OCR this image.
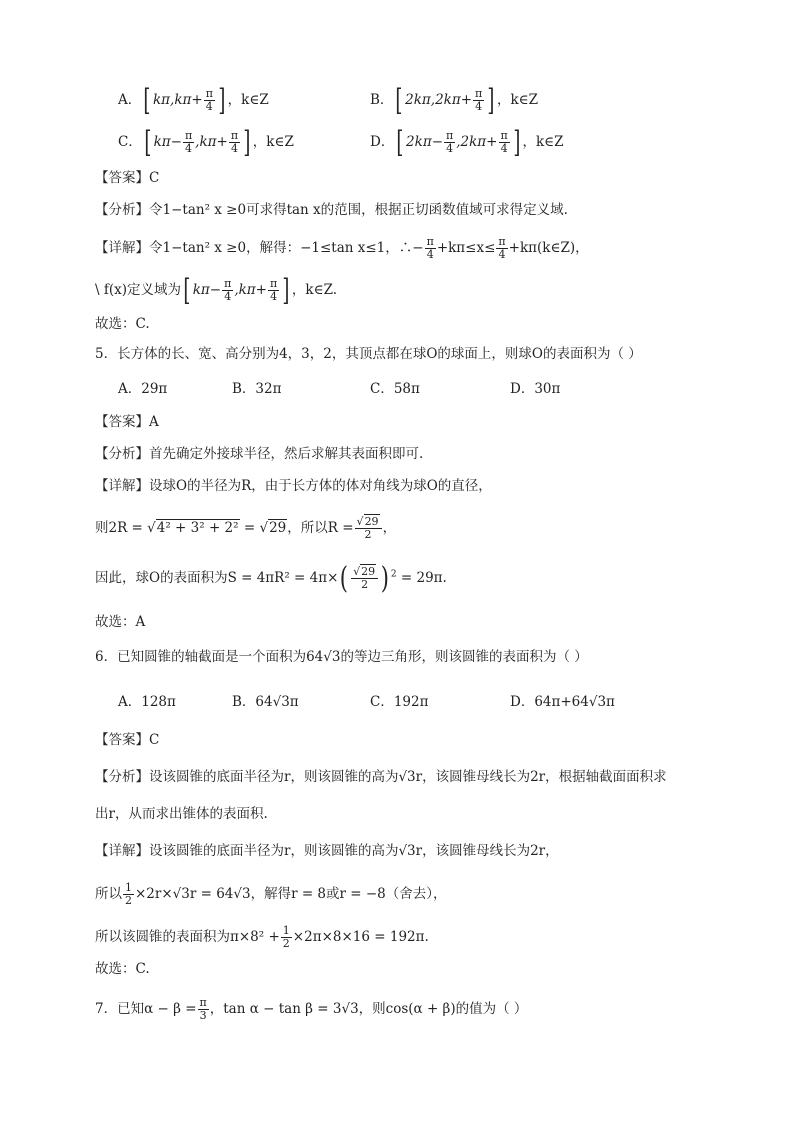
A．[ $k\pi,k\pi+ \frac{\pi}{4}$ ] ，k∈Z	B．[ $2k\pi,2k\pi+ \frac{\pi}{4}$ ] ，k∈Z
C．[ $k\pi- \frac{\pi}{4} ,k\pi+ \frac{\pi}{4}$ ] ，k∈Z	D．[ $2k\pi- \frac{\pi}{4} ,2k\pi+ \frac{\pi}{4}$ ] ，k∈Z
【答案】C
【分析】令1−tan² x ≥0可求得tan x的范围，根据正切函数值域可求得定义域.
【详解】令1−tan² x ≥0，解得：−1≤tan x≤1，∴− $\frac{\pi}{4} +k\pi\le x\le \frac{\pi}{4}$ +kπ(k∈Z)，
\ f(x)定义域为[ $k\pi- \frac{\pi}{4} ,k\pi+ \frac{\pi}{4}$ ] ，k∈Z.
故选：C.
5．长方体的长、宽、高分别为4，3，2，其顶点都在球O的球面上，则球O的表面积为（ ）
A．29π	B．32π	C．58π	D．30π
【答案】A
【分析】首先确定外接球半径，然后求解其表面积即可.
【详解】设球O的半径为R，由于长方体的体对角线为球O的直径，
则2R = √4² + 3² + 2² = √29，所以$R = \frac{√29}{2}$ ，
因此，球O的表面积为$S = 4\pi R^2 = 4\pi\times( \frac{√29}{2}$ ) $^2$ = 29π.
故选：A
6．已知圆锥的轴截面是一个面积为64√3的等边三角形，则该圆锥的表面积为（ ）
A．128π	B．64√3π	C．192π	D．64π+64√3π
【答案】C
【分析】设该圆锥的底面半径为r，则该圆锥的高为√3r，该圆锥母线长为2r，根据轴截面面积求
出r，从而求出锥体的表面积.
【详解】设该圆锥的底面半径为r，则该圆锥的高为√3r，该圆锥母线长为2r，
所以 $\frac{1}{2} \times 2r\times√3r = 64√3$，解得r = 8或r = −8（舍去），
所以该圆锥的表面积为$\pi\times 8^2 + \frac{1}{2} \times 2\pi\times 8\times 16 = 192\pi$.
故选：C.
7．已知$\alpha - \beta = \frac{\pi}{3}$ ，tan α − tan β = 3√3，则cos(α + β)的值为（ ）
